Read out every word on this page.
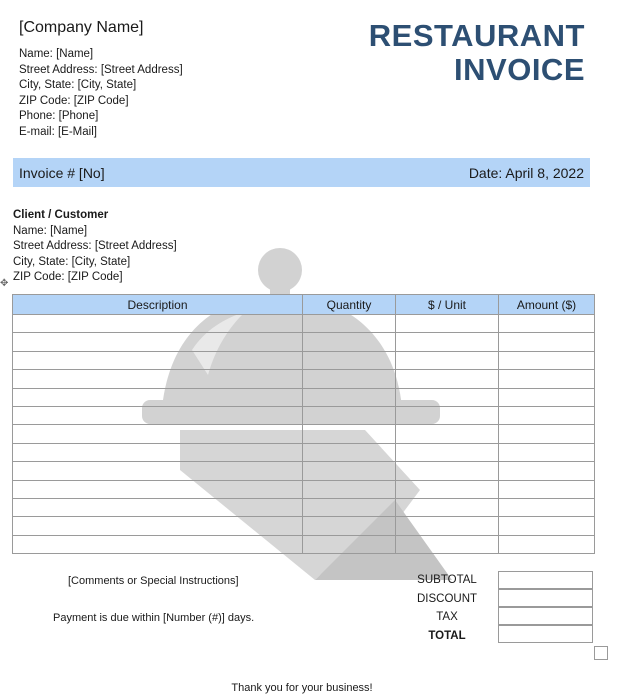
[Company Name]
Name: [Name]
Street Address: [Street Address]
City, State: [City, State]
ZIP Code: [ZIP Code]
Phone: [Phone]
E-mail: [E-Mail]
RESTAURANT
INVOICE
Invoice # [No]	Date: April 8, 2022
Client / Customer
Name: [Name]
Street Address: [Street Address]
City, State: [City, State]
ZIP Code: [ZIP Code]
✥
Description	Quantity	$ / Unit	Amount ($)

[Comments or Special Instructions]
Payment is due within [Number (#)] days.
SUBTOTAL
DISCOUNT
TAX
TOTAL
Thank you for your business!
